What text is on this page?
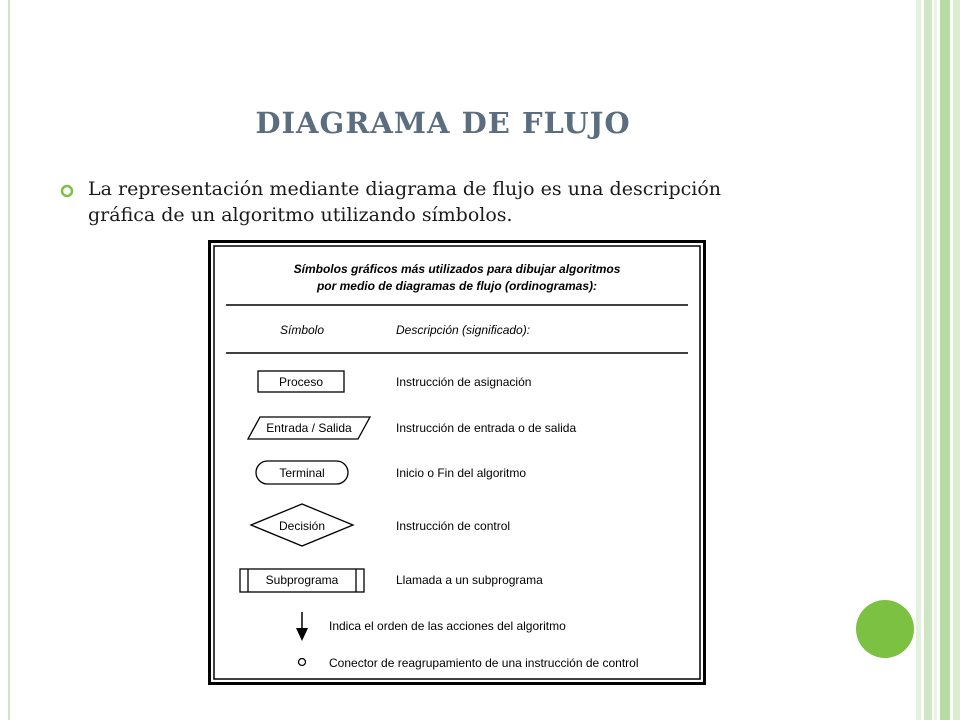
DIAGRAMA DE FLUJO
La representación mediante diagrama de flujo es una descripción
gráfica de un algoritmo utilizando símbolos.
Símbolos gráficos más utilizados para dibujar algoritmos
por medio de diagramas de flujo (ordinogramas):
Símbolo	Descripción (significado):
Proceso	Instrucción de asignación
Entrada / Salida	Instrucción de entrada o de salida
Terminal	Inicio o Fin del algoritmo
Decisión	Instrucción de control
Subprograma	Llamada a un subprograma
Indica el orden de las acciones del algoritmo
Conector de reagrupamiento de una instrucción de control
